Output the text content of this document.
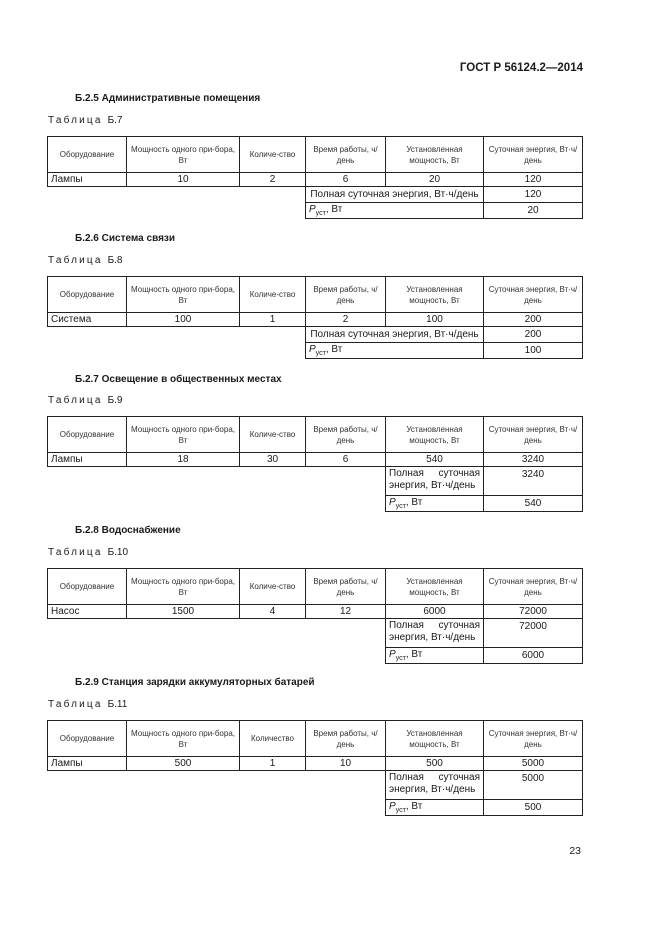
ГОСТ Р 56124.2—2014
Б.2.5 Административные помещения
Таблица Б.7
Оборудование	Мощность одного при-бора, Вт	Количе-ство	Время работы, ч/день	Установленная мощность, Вт	Суточная энергия, Вт·ч/день
Лампы	10	2	6	20	120
			Полная суточная энергия, Вт·ч/день		120
			$P_{уст}$, Вт		20
Б.2.6 Система связи
Таблица Б.8
Оборудование	Мощность одного при-бора, Вт	Количе-ство	Время работы, ч/день	Установленная мощность, Вт	Суточная энергия, Вт·ч/день
Система	100	1	2	100	200
			Полная суточная энергия, Вт·ч/день		200
			$P_{уст}$, Вт		100
Б.2.7 Освещение в общественных местах
Таблица Б.9
Оборудование	Мощность одного при-бора, Вт	Количе-ство	Время работы, ч/день	Установленная мощность, Вт	Суточная энергия, Вт·ч/день
Лампы	18	30	6	540	3240
				Полная суточная энергия, Вт·ч/день	3240
				$P_{уст}$, Вт	540
Б.2.8 Водоснабжение
Таблица Б.10
Оборудование	Мощность одного при-бора, Вт	Количе-ство	Время работы, ч/день	Установленная мощность, Вт	Суточная энергия, Вт·ч/день
Насос	1500	4	12	6000	72000
				Полная суточная энергия, Вт·ч/день	72000
				$P_{уст}$, Вт	6000
Б.2.9 Станция зарядки аккумуляторных батарей
Таблица Б.11
Оборудование	Мощность одного при-бора, Вт	Количество	Время работы, ч/день	Установленная мощность, Вт	Суточная энергия, Вт·ч/день
Лампы	500	1	10	500	5000
				Полная суточная энергия, Вт·ч/день	5000
				$P_{уст}$, Вт	500
23
